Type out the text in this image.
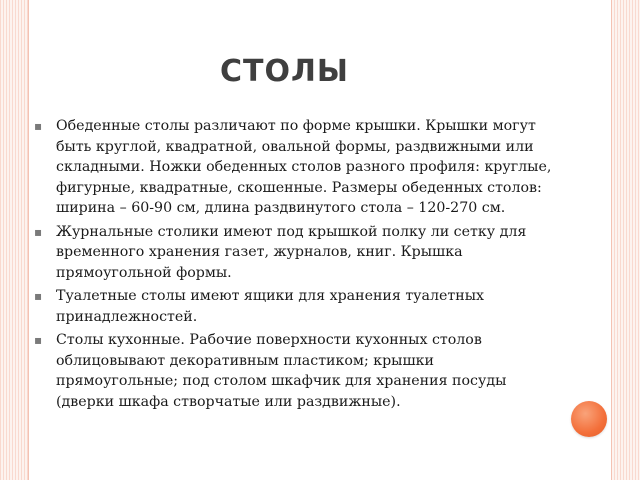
СТОЛЫ
▪ Обеденные столы различают по форме крышки. Крышки могут быть круглой, квадратной, овальной формы, раздвижными или складными. Ножки обеденных столов разного профиля: круглые, фигурные, квадратные, скошенные. Размеры обеденных столов: ширина – 60-90 см, длина раздвинутого стола – 120-270 см.
▪ Журнальные столики имеют под крышкой полку ли сетку для временного хранения газет, журналов, книг. Крышка прямоугольной формы.
▪ Туалетные столы имеют ящики для хранения туалетных принадлежностей.
▪ Столы кухонные. Рабочие поверхности кухонных столов облицовывают декоративным пластиком; крышки прямоугольные; под столом шкафчик для хранения посуды (дверки шкафа створчатые или раздвижные).
